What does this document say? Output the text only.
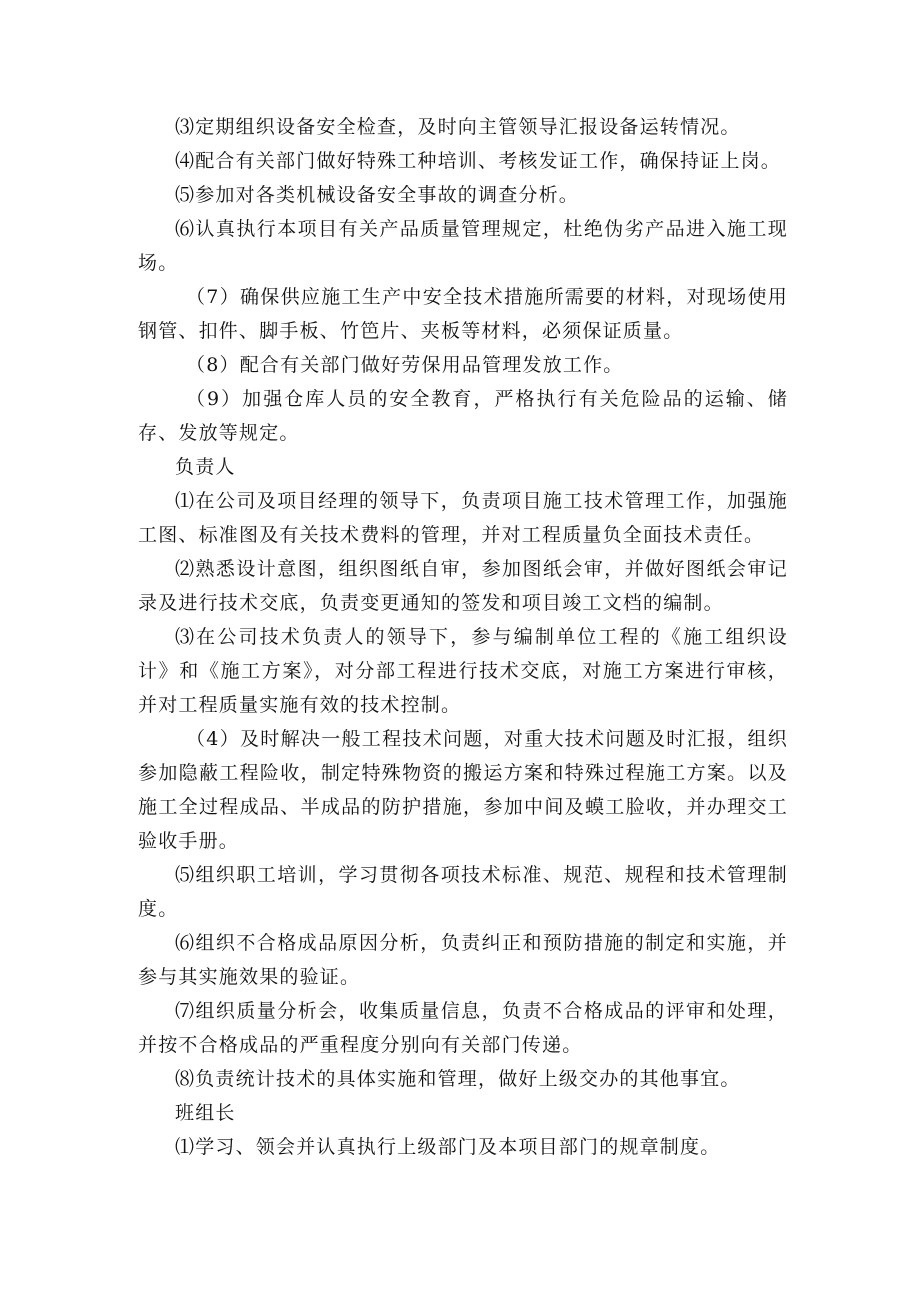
⑶定期组织设备安全检查，及时向主管领导汇报设备运转情况。

⑷配合有关部门做好特殊工种培训、考核发证工作，确保持证上岗。

⑸参加对各类机械设备安全事故的调查分析。

⑹认真执行本项目有关产品质量管理规定，杜绝伪劣产品进入施工现场。

（7）确保供应施工生产中安全技术措施所需要的材料，对现场使用钢管、扣件、脚手板、竹笆片、夹板等材料，必须保证质量。

（8）配合有关部门做好劳保用品管理发放工作。

（9）加强仓库人员的安全教育，严格执行有关危险品的运输、储存、发放等规定。

负责人

⑴在公司及项目经理的领导下，负责项目施工技术管理工作，加强施工图、标准图及有关技术费料的管理，并对工程质量负全面技术责任。

⑵熟悉设计意图，组织图纸自审，参加图纸会审，并做好图纸会审记录及进行技术交底，负责变更通知的签发和项目竣工文档的编制。

⑶在公司技术负责人的领导下，参与编制单位工程的《施工组织设计》和《施工方案》，对分部工程进行技术交底，对施工方案进行审核，并对工程质量实施有效的技术控制。

（4）及时解决一般工程技术问题，对重大技术问题及时汇报，组织参加隐蔽工程险收，制定特殊物资的搬运方案和特殊过程施工方案。以及施工全过程成品、半成品的防护措施，参加中间及蟆工脸收，并办理交工验收手册。

⑸组织职工培训，学习贯彻各项技术标准、规范、规程和技术管理制度。

⑹组织不合格成品原因分析，负责纠正和预防措施的制定和实施，并参与其实施效果的验证。

⑺组织质量分析会，收集质量信息，负责不合格成品的评审和处理，并按不合格成品的严重程度分别向有关部门传递。

⑻负责统计技术的具体实施和管理，做好上级交办的其他事宜。

班组长

⑴学习、领会并认真执行上级部门及本项目部门的规章制度。
